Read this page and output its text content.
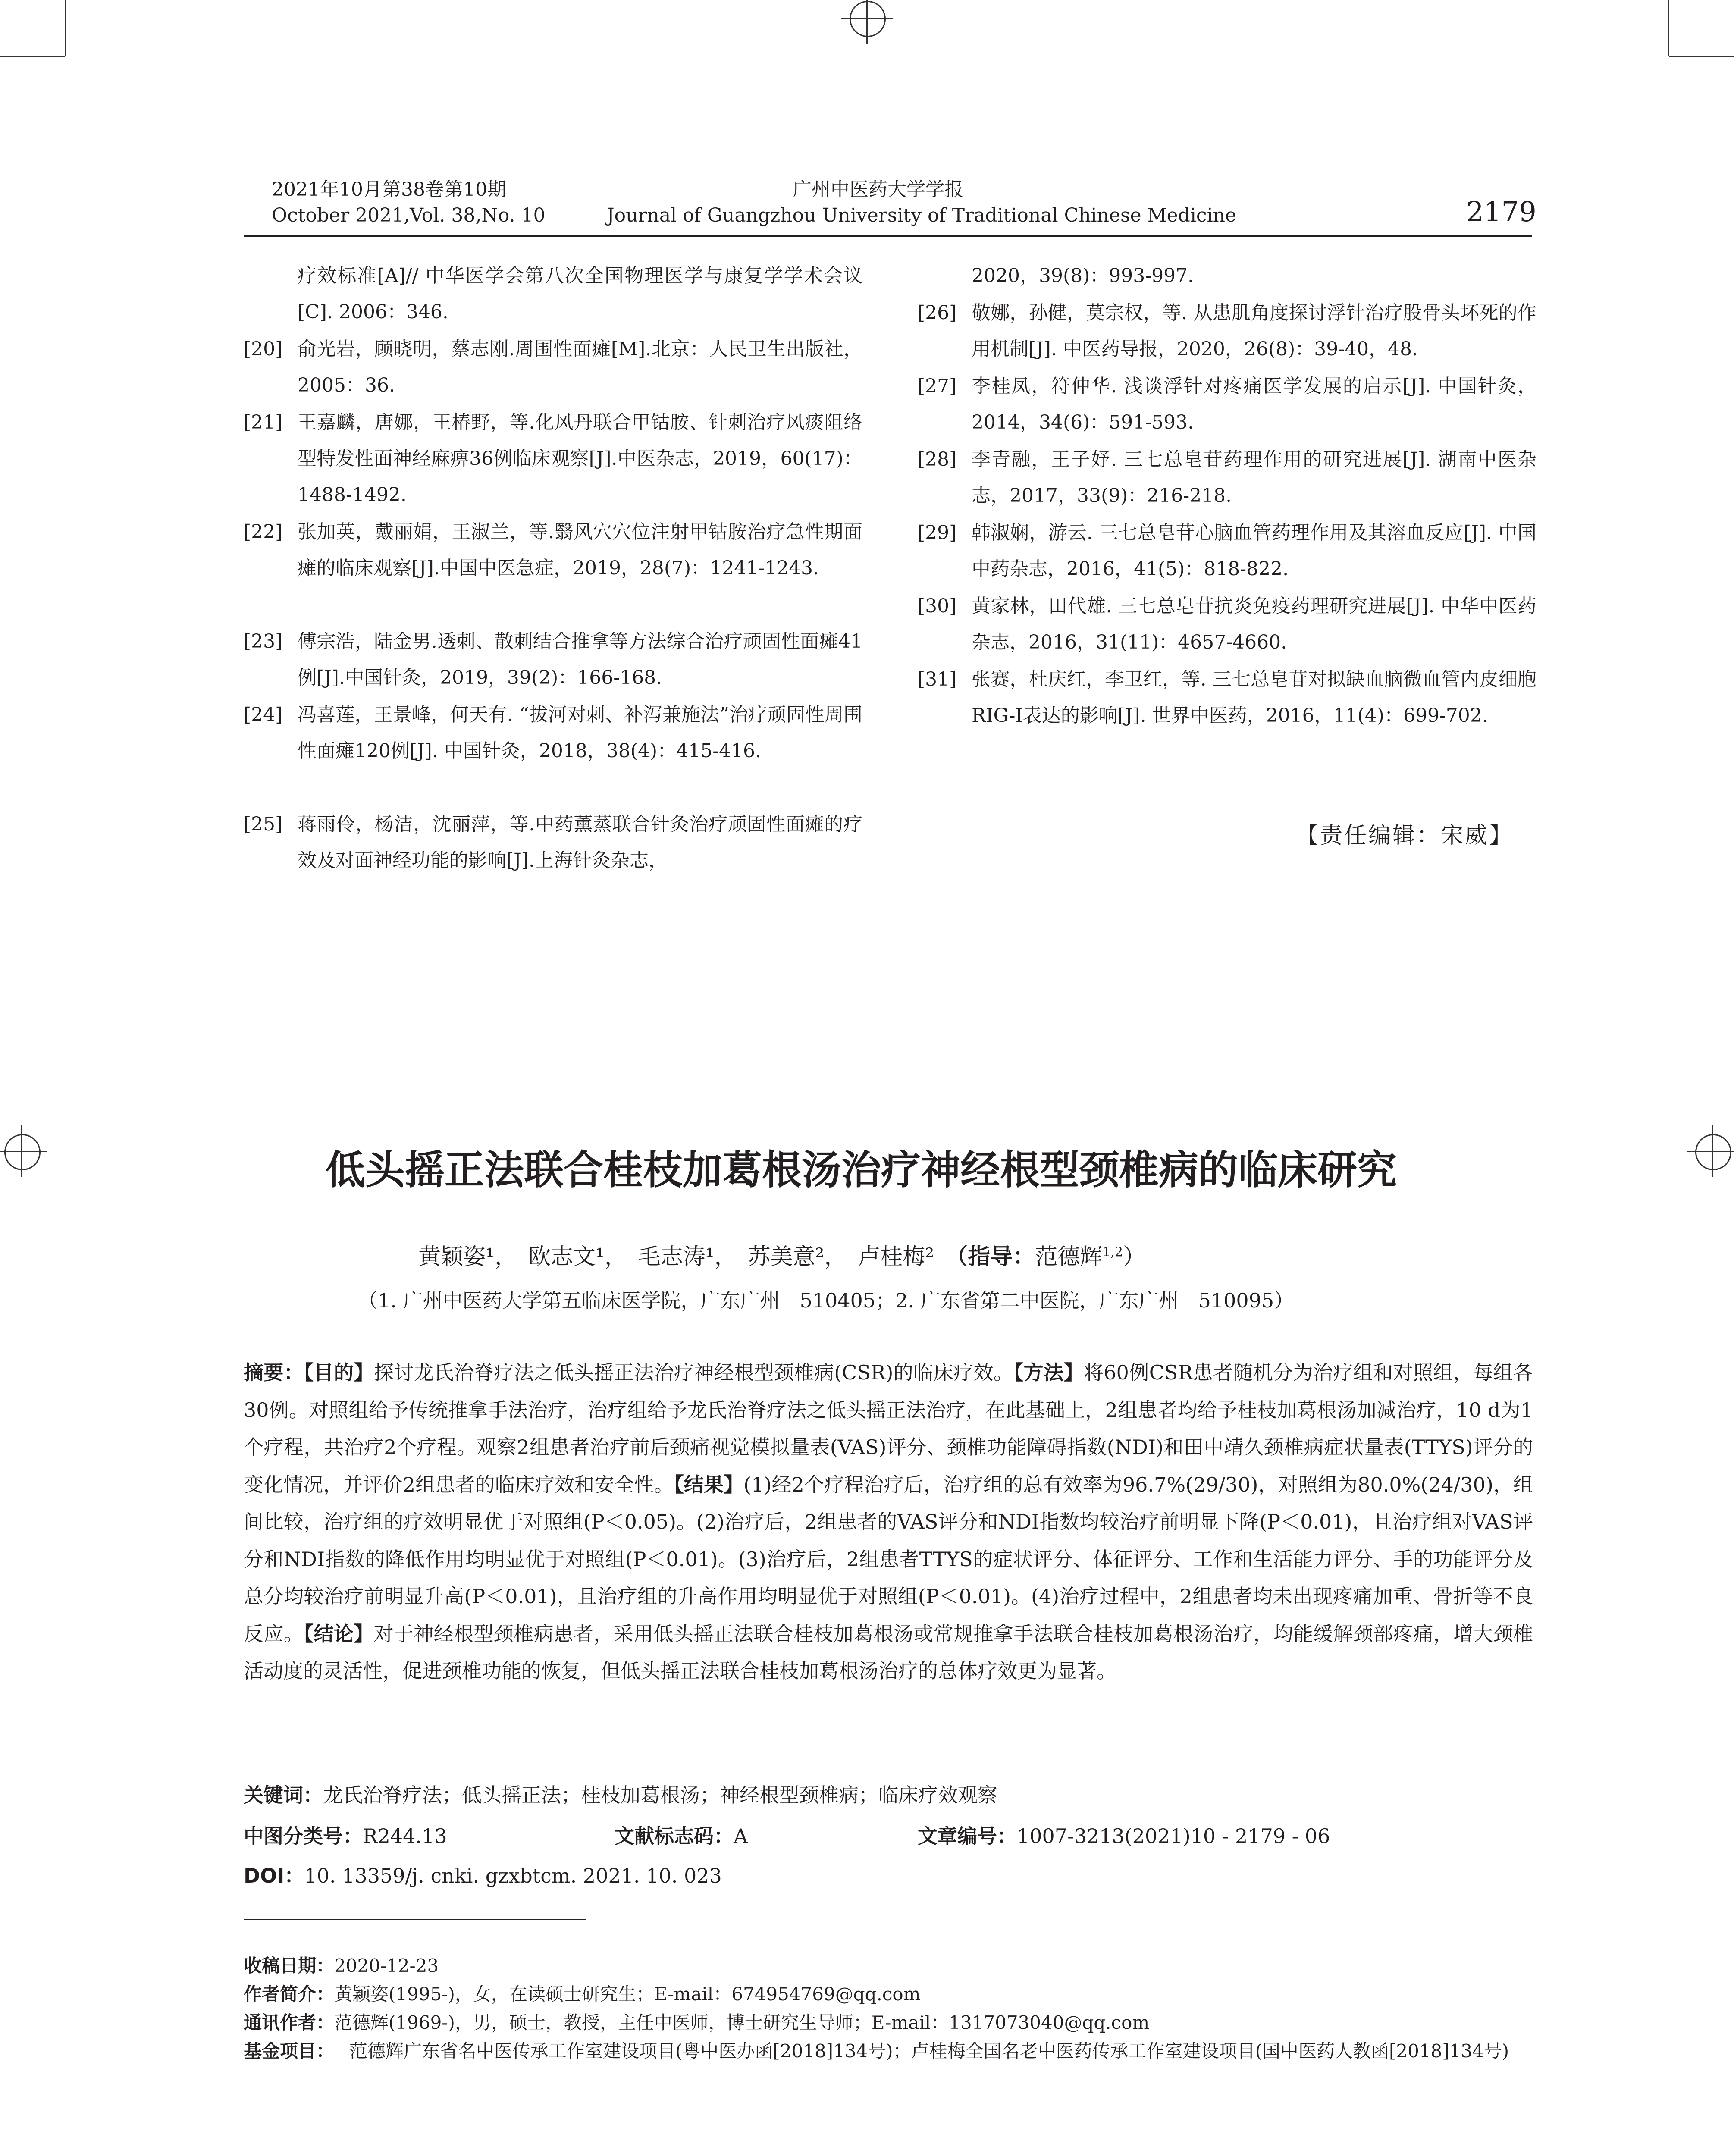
2021年10月第38卷第10期
October 2021,Vol. 38,No. 10
广州中医药大学学报
Journal of Guangzhou University of Traditional Chinese Medicine	2179
疗效标准[A]// 中华医学会第八次全国物理医学与康复学学术会议[C]. 2006：346.
[20] 俞光岩，顾晓明，蔡志刚.周围性面瘫[M].北京：人民卫生出版社，2005：36.
[21] 王嘉麟，唐娜，王椿野，等.化风丹联合甲钴胺、针刺治疗风痰阻络型特发性面神经麻痹36例临床观察[J].中医杂志，2019，60(17)：1488-1492.
[22] 张加英，戴丽娟，王淑兰，等.翳风穴穴位注射甲钴胺治疗急性期面瘫的临床观察[J].中国中医急症，2019，28(7)：1241-1243.
[23] 傅宗浩，陆金男.透刺、散刺结合推拿等方法综合治疗顽固性面瘫41例[J].中国针灸，2019，39(2)：166-168.
[24] 冯喜莲，王景峰，何天有. “拔河对刺、补泻兼施法”治疗顽固性周围性面瘫120例[J]. 中国针灸，2018，38(4)：415-416.
[25] 蒋雨伶，杨洁，沈丽萍，等.中药薰蒸联合针灸治疗顽固性面瘫的疗效及对面神经功能的影响[J].上海针灸杂志，
2020，39(8)：993-997.
[26] 敬娜，孙健，莫宗权，等. 从患肌角度探讨浮针治疗股骨头坏死的作用机制[J]. 中医药导报，2020，26(8)：39-40，48.
[27] 李桂凤，符仲华. 浅谈浮针对疼痛医学发展的启示[J]. 中国针灸，2014，34(6)：591-593.
[28] 李青融，王子妤. 三七总皂苷药理作用的研究进展[J]. 湖南中医杂志，2017，33(9)：216-218.
[29] 韩淑娴，游云. 三七总皂苷心脑血管药理作用及其溶血反应[J]. 中国中药杂志，2016，41(5)：818-822.
[30] 黄家林，田代雄. 三七总皂苷抗炎免疫药理研究进展[J]. 中华中医药杂志，2016，31(11)：4657-4660.
[31] 张赛，杜庆红，李卫红，等. 三七总皂苷对拟缺血脑微血管内皮细胞RIG-I表达的影响[J]. 世界中医药，2016，11(4)：699-702.
【责任编辑：宋威】
低头摇正法联合桂枝加葛根汤治疗神经根型颈椎病的临床研究
黄颖姿¹，　欧志文¹，　毛志涛¹，　苏美意²，　卢桂梅²　（指导：范德辉$^{1,2}$）
（1. 广州中医药大学第五临床医学院，广东广州　510405；2. 广东省第二中医院，广东广州　510095）
摘要：【目的】探讨龙氏治脊疗法之低头摇正法治疗神经根型颈椎病(CSR)的临床疗效。【方法】将60例CSR患者随机分为治疗组和对照组，每组各30例。对照组给予传统推拿手法治疗，治疗组给予龙氏治脊疗法之低头摇正法治疗，在此基础上，2组患者均给予桂枝加葛根汤加减治疗，10 d为1个疗程，共治疗2个疗程。观察2组患者治疗前后颈痛视觉模拟量表(VAS)评分、颈椎功能障碍指数(NDI)和田中靖久颈椎病症状量表(TTYS)评分的变化情况，并评价2组患者的临床疗效和安全性。【结果】(1)经2个疗程治疗后，治疗组的总有效率为96.7%(29/30)，对照组为80.0%(24/30)，组间比较，治疗组的疗效明显优于对照组(P＜0.05)。(2)治疗后，2组患者的VAS评分和NDI指数均较治疗前明显下降(P＜0.01)，且治疗组对VAS评分和NDI指数的降低作用均明显优于对照组(P＜0.01)。(3)治疗后，2组患者TTYS的症状评分、体征评分、工作和生活能力评分、手的功能评分及总分均较治疗前明显升高(P＜0.01)，且治疗组的升高作用均明显优于对照组(P＜0.01)。(4)治疗过程中，2组患者均未出现疼痛加重、骨折等不良反应。【结论】对于神经根型颈椎病患者，采用低头摇正法联合桂枝加葛根汤或常规推拿手法联合桂枝加葛根汤治疗，均能缓解颈部疼痛，增大颈椎活动度的灵活性，促进颈椎功能的恢复，但低头摇正法联合桂枝加葛根汤治疗的总体疗效更为显著。
关键词：龙氏治脊疗法；低头摇正法；桂枝加葛根汤；神经根型颈椎病；临床疗效观察
中图分类号：R244.13	文献标志码：A	文章编号：1007-3213(2021)10 - 2179 - 06
DOI：10. 13359/j. cnki. gzxbtcm. 2021. 10. 023
收稿日期：2020-12-23
作者简介：黄颖姿(1995-)，女，在读硕士研究生；E-mail：674954769@qq.com
通讯作者：范德辉(1969-)，男，硕士，教授，主任中医师，博士研究生导师；E-mail：1317073040@qq.com
基金项目： 范德辉广东省名中医传承工作室建设项目(粤中医办函[2018]134号)；卢桂梅全国名老中医药传承工作室建设项目(国中医药人教函[2018]134号)
